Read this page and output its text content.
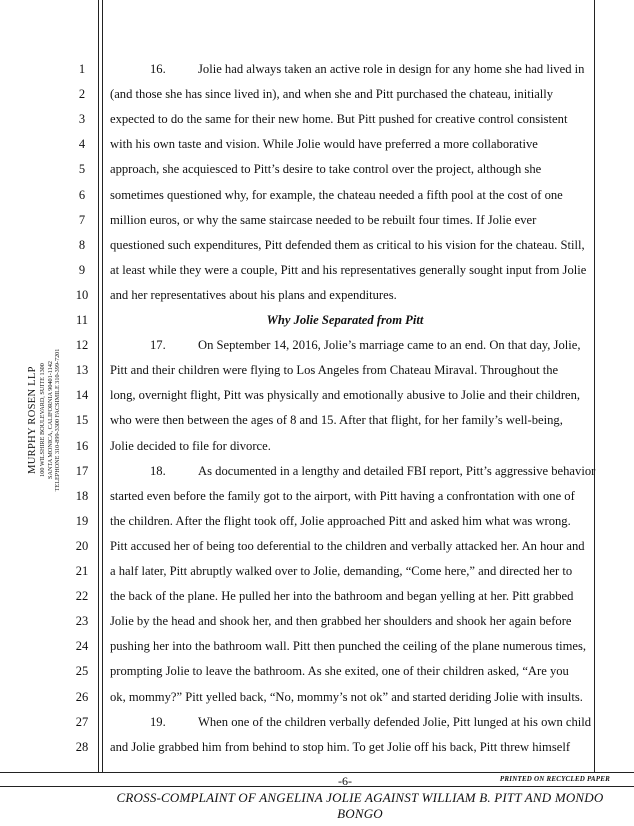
MURPHY ROSEN LLP 100 WILSHIRE BOULEVARD, SUITE 1300 SANTA MONICA, CALIFORNIA 90401-1142 TELEPHONE 310-899-3300 FACSIMILE 310-399-7201
1
2
3
4
5
6
7
8
9
10
11
12
13
14
15
16
17
18
19
20
21
22
23
24
25
26
27
28
16.	Jolie had always taken an active role in design for any home she had lived in
(and those she has since lived in), and when she and Pitt purchased the chateau, initially
expected to do the same for their new home. But Pitt pushed for creative control consistent
with his own taste and vision. While Jolie would have preferred a more collaborative
approach, she acquiesced to Pitt’s desire to take control over the project, although she
sometimes questioned why, for example, the chateau needed a fifth pool at the cost of one
million euros, or why the same staircase needed to be rebuilt four times. If Jolie ever
questioned such expenditures, Pitt defended them as critical to his vision for the chateau. Still,
at least while they were a couple, Pitt and his representatives generally sought input from Jolie
and her representatives about his plans and expenditures.
Why Jolie Separated from Pitt
17.	On September 14, 2016, Jolie’s marriage came to an end. On that day, Jolie,
Pitt and their children were flying to Los Angeles from Chateau Miraval. Throughout the
long, overnight flight, Pitt was physically and emotionally abusive to Jolie and their children,
who were then between the ages of 8 and 15. After that flight, for her family’s well-being,
Jolie decided to file for divorce.
18.	As documented in a lengthy and detailed FBI report, Pitt’s aggressive behavior
started even before the family got to the airport, with Pitt having a confrontation with one of
the children. After the flight took off, Jolie approached Pitt and asked him what was wrong.
Pitt accused her of being too deferential to the children and verbally attacked her. An hour and
a half later, Pitt abruptly walked over to Jolie, demanding, “Come here,” and directed her to
the back of the plane. He pulled her into the bathroom and began yelling at her. Pitt grabbed
Jolie by the head and shook her, and then grabbed her shoulders and shook her again before
pushing her into the bathroom wall. Pitt then punched the ceiling of the plane numerous times,
prompting Jolie to leave the bathroom. As she exited, one of their children asked, “Are you
ok, mommy?” Pitt yelled back, “No, mommy’s not ok” and started deriding Jolie with insults.
19.	When one of the children verbally defended Jolie, Pitt lunged at his own child
and Jolie grabbed him from behind to stop him. To get Jolie off his back, Pitt threw himself
-6-	PRINTED ON RECYCLED PAPER
CROSS-COMPLAINT OF ANGELINA JOLIE AGAINST WILLIAM B. PITT AND MONDO BONGO
